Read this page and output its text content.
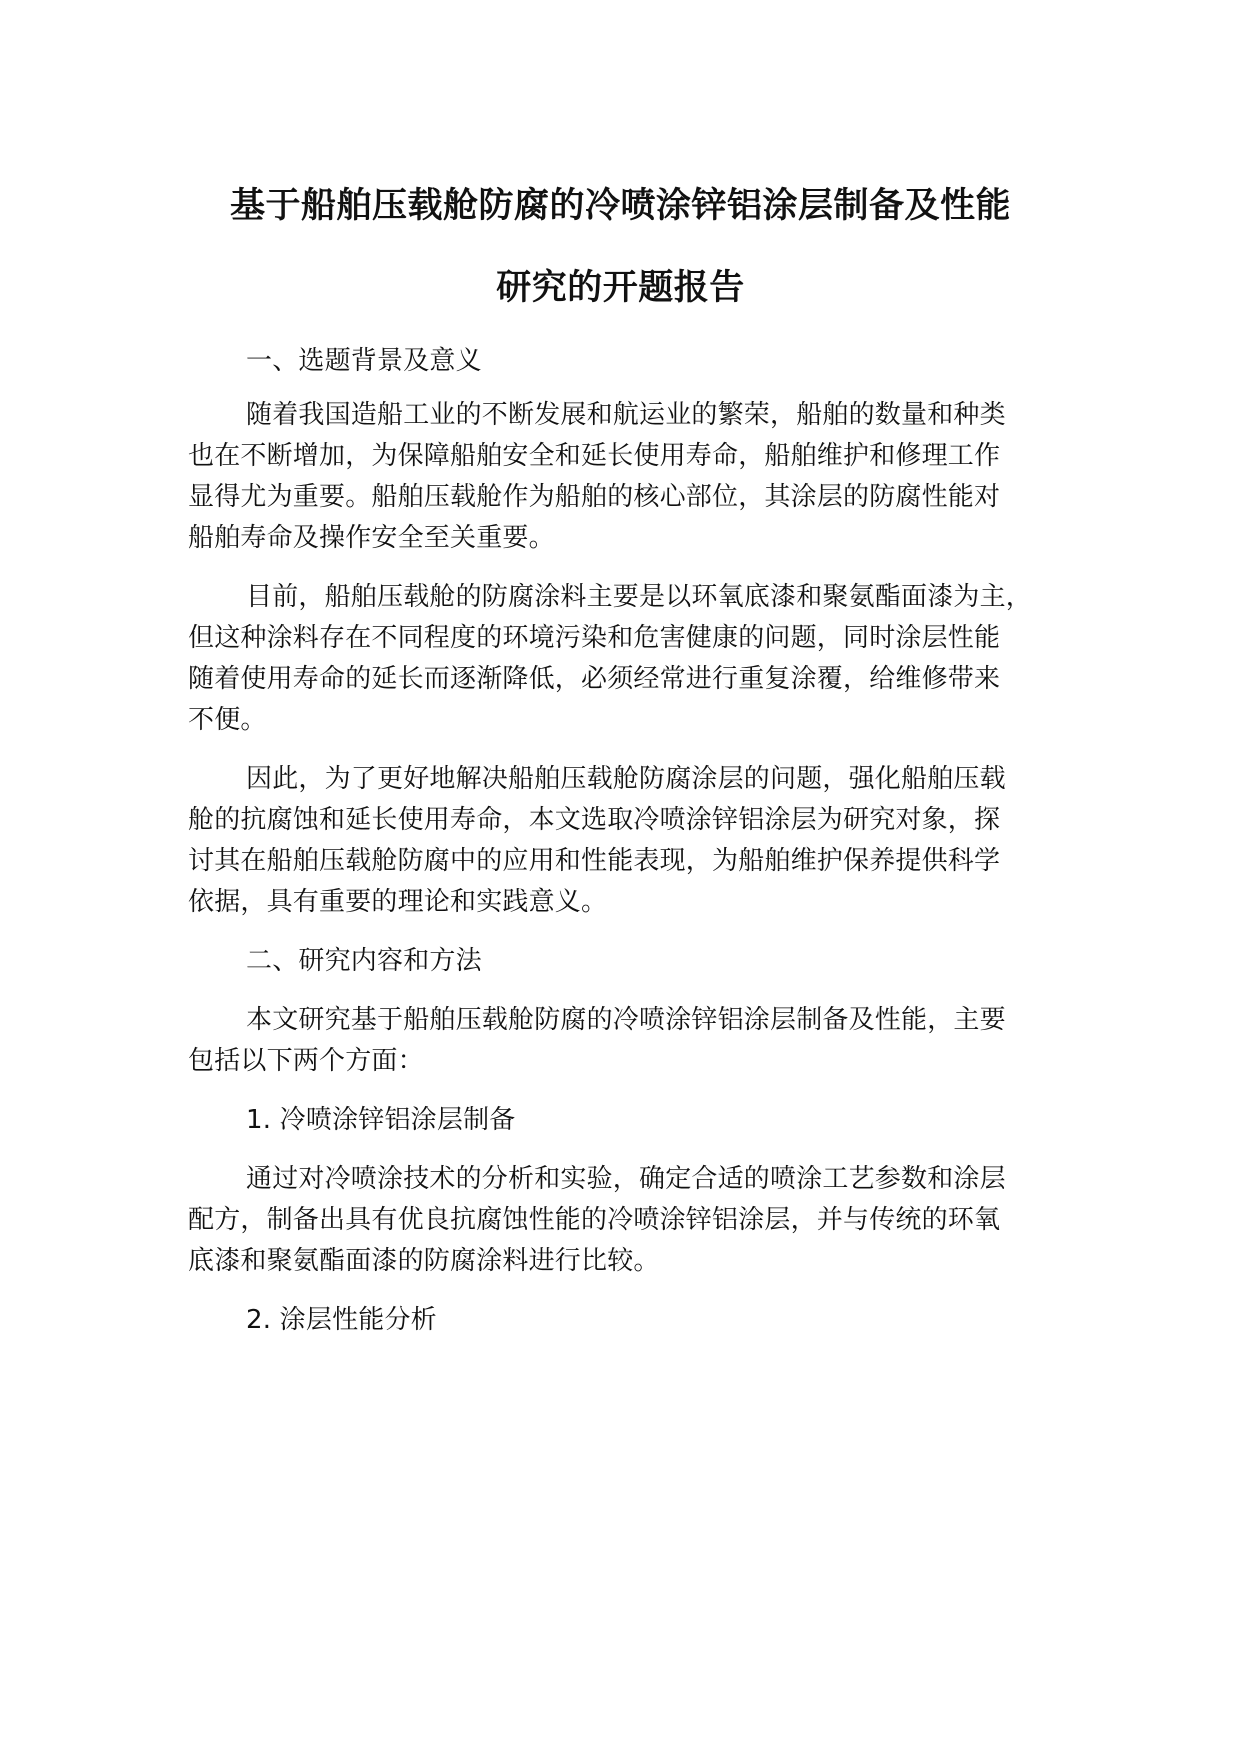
基于船舶压载舱防腐的冷喷涂锌铝涂层制备及性能
研究的开题报告
一、选题背景及意义
随着我国造船工业的不断发展和航运业的繁荣，船舶的数量和种类
也在不断增加，为保障船舶安全和延长使用寿命，船舶维护和修理工作
显得尤为重要。船舶压载舱作为船舶的核心部位，其涂层的防腐性能对
船舶寿命及操作安全至关重要。
目前，船舶压载舱的防腐涂料主要是以环氧底漆和聚氨酯面漆为主，
但这种涂料存在不同程度的环境污染和危害健康的问题，同时涂层性能
随着使用寿命的延长而逐渐降低，必须经常进行重复涂覆，给维修带来
不便。
因此，为了更好地解决船舶压载舱防腐涂层的问题，强化船舶压载
舱的抗腐蚀和延长使用寿命，本文选取冷喷涂锌铝涂层为研究对象，探
讨其在船舶压载舱防腐中的应用和性能表现，为船舶维护保养提供科学
依据，具有重要的理论和实践意义。
二、研究内容和方法
本文研究基于船舶压载舱防腐的冷喷涂锌铝涂层制备及性能，主要
包括以下两个方面：
1. 冷喷涂锌铝涂层制备
通过对冷喷涂技术的分析和实验，确定合适的喷涂工艺参数和涂层
配方，制备出具有优良抗腐蚀性能的冷喷涂锌铝涂层，并与传统的环氧
底漆和聚氨酯面漆的防腐涂料进行比较。
2. 涂层性能分析
